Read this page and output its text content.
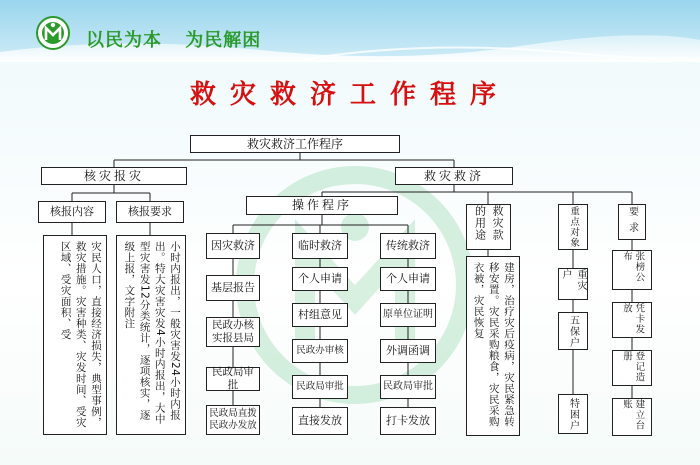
以民为本 为民解困
救灾救济工作程序
救灾救济工作程序
核灾报灾
核报内容	核报要求
灾民人口，直接经济损失，典型事例，救灾措施。灾害种类、灾发时间、受灾区域、受灾面积、受	小时内报出，一般灾害发24小时内报出。特大灾害灾发4小时内报出，大中型灾害发12分类统计，逐项核实，逐级上报，文字附注
救灾救济
操作程序
因灾救济
基层报告
民政办核实报县局
民政局审批
民政局直拨民政办发放
临时救济
个人申请
村组意见
民政办审核
民政局审批
直接发放
传统救济
个人申请
原单位证明
外调函调
民政局审批
打卡发放
救灾款的用途
建房，治疗灾后疫病，灾民紧急转移安置。灾民采购粮食，灾民采购衣被，灾民恢复
重点对象
重灾户
五保户
特困户
要求
张榜公布
凭卡发放
登记造册
建立台账
